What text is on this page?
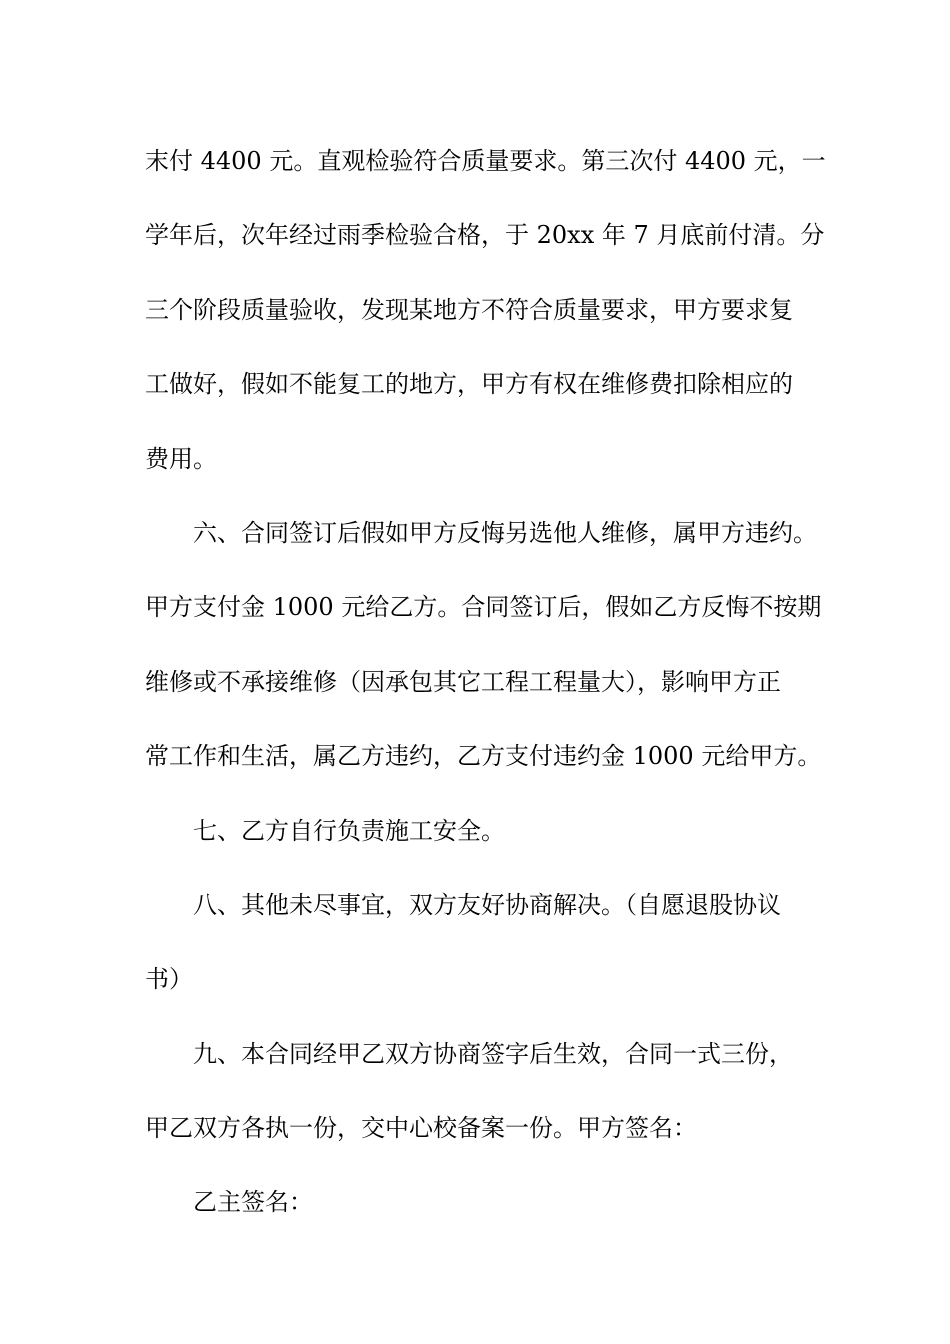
末付 4400 元。直观检验符合质量要求。第三次付 4400 元，一
学年后，次年经过雨季检验合格，于 20xx 年 7 月底前付清。分
三个阶段质量验收，发现某地方不符合质量要求，甲方要求复
工做好，假如不能复工的地方，甲方有权在维修费扣除相应的
费用。
六、合同签订后假如甲方反悔另选他人维修，属甲方违约。
甲方支付金 1000 元给乙方。合同签订后，假如乙方反悔不按期
维修或不承接维修（因承包其它工程工程量大），影响甲方正
常工作和生活，属乙方违约，乙方支付违约金 1000 元给甲方。
七、乙方自行负责施工安全。
八、其他未尽事宜，双方友好协商解决。（自愿退股协议
书）
九、本合同经甲乙双方协商签字后生效，合同一式三份，
甲乙双方各执一份，交中心校备案一份。甲方签名：
乙主签名：
